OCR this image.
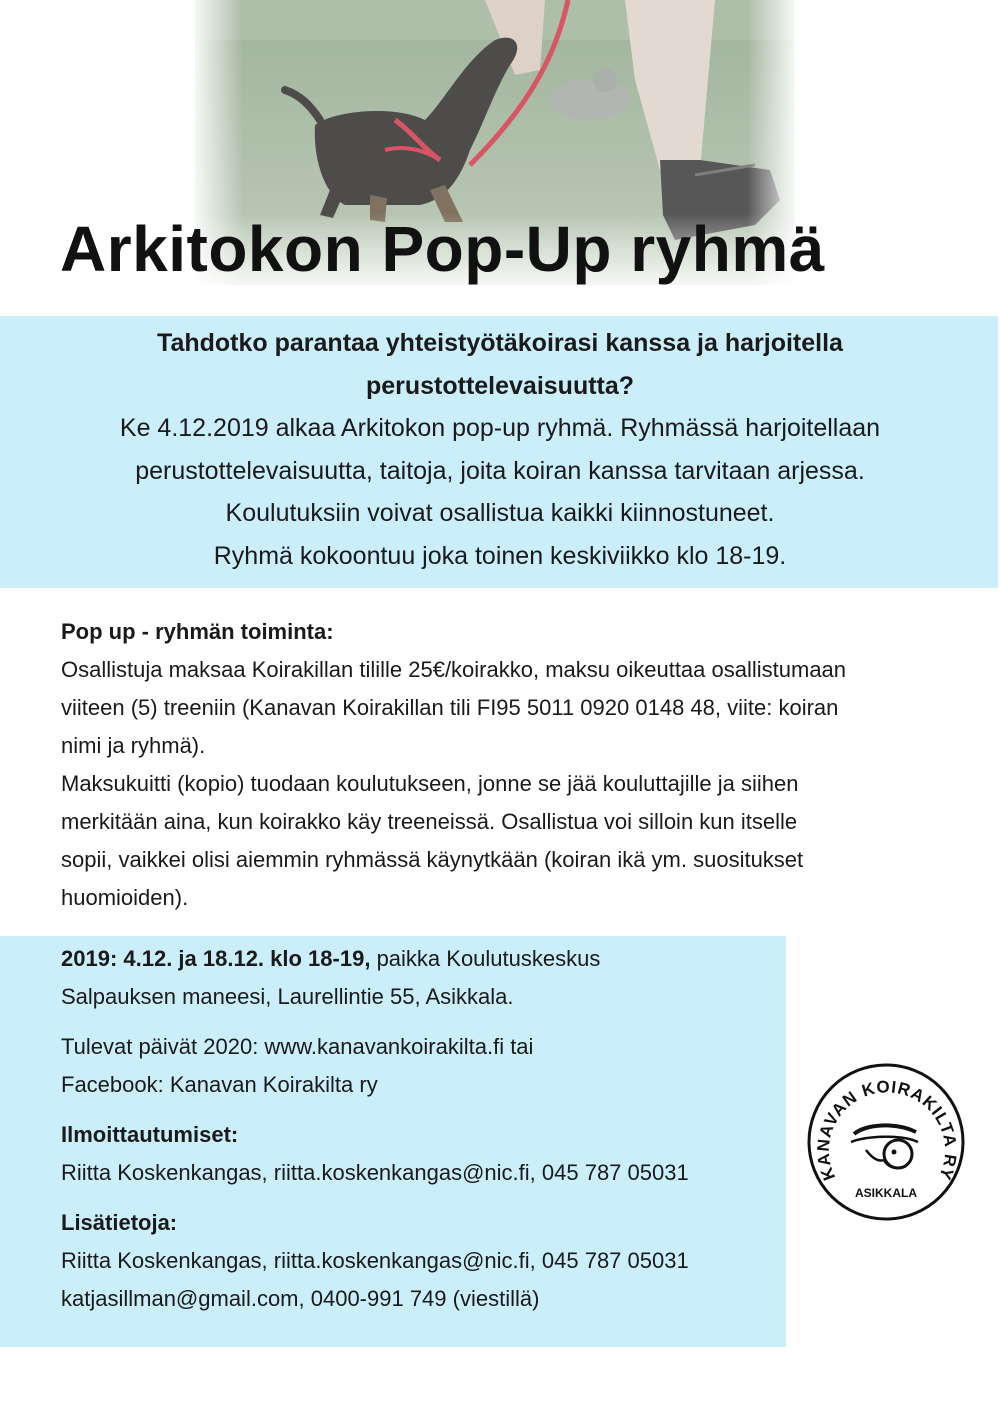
Arkitokon Pop-Up ryhmä

Tahdotko parantaa yhteistyötäkoirasi kanssa ja harjoitella

perustottelevaisuutta?

Ke 4.12.2019 alkaa Arkitokon pop-up ryhmä. Ryhmässä harjoitellaan

perustottelevaisuutta, taitoja, joita koiran kanssa tarvitaan arjessa.

Koulutuksiin voivat osallistua kaikki kiinnostuneet.

Ryhmä kokoontuu joka toinen keskiviikko klo 18-19.

Pop up - ryhmän toiminta:

Osallistuja maksaa Koirakillan tilille 25€/koirakko, maksu oikeuttaa osallistumaan

viiteen (5) treeniin (Kanavan Koirakillan tili FI95 5011 0920 0148 48, viite: koiran

nimi ja ryhmä).

Maksukuitti (kopio) tuodaan koulutukseen, jonne se jää kouluttajille ja siihen

merkitään aina, kun koirakko käy treeneissä. Osallistua voi silloin kun itselle

sopii, vaikkei olisi aiemmin ryhmässä käynytkään (koiran ikä ym. suositukset

huomioiden).

2019: 4.12. ja 18.12. klo 18-19, paikka Koulutuskeskus

Salpauksen maneesi, Laurellintie 55, Asikkala.

Tulevat päivät 2020: www.kanavankoirakilta.fi tai

Facebook: Kanavan Koirakilta ry

Ilmoittautumiset:

Riitta Koskenkangas, riitta.koskenkangas@nic.fi, 045 787 05031

Lisätietoja:

Riitta Koskenkangas, riitta.koskenkangas@nic.fi, 045 787 05031

katjasillman@gmail.com, 0400-991 749 (viestillä)

KANAVAN KOIRAKILTA RY
ASIKKALA
